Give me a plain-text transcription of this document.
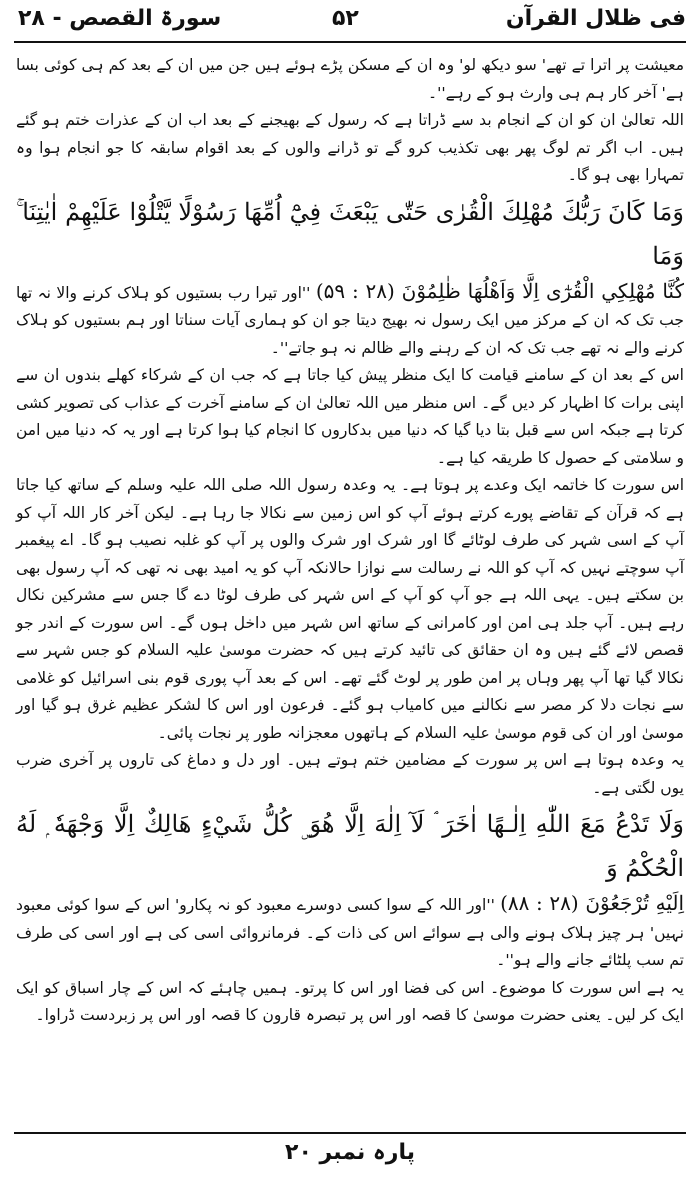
فی ظلال القرآن
۵۲
سورۃ القصص - ۲۸

معیشت پر اترا تے تھے' سو دیکھ لو' وہ ان کے مسکن پڑے ہوئے ہیں جن میں ان کے بعد کم ہی کوئی بسا ہے' آخر کار ہم ہی وارث ہو کے رہے''۔

اللہ تعالیٰ ان کو ان کے انجام بد سے ڈراتا ہے کہ رسول کے بھیجنے کے بعد اب ان کے عذرات ختم ہو گئے ہیں۔ اب اگر تم لوگ پھر بھی تکذیب کرو گے تو ڈرانے والوں کے بعد اقوام سابقہ کا جو انجام ہوا وہ تمہارا بھی ہو گا۔

وَمَا كَانَ رَبُّكَ مُهْلِكَ الْقُرٰى حَتّٰى يَبْعَثَ فِيْٓ اُمِّهَا رَسُوْلًا يَّتْلُوْا عَلَيْهِمْ اٰيٰتِنَا ۚ وَمَا

كُنَّا مُهْلِكِي الْقُرٰٓى اِلَّا وَاَهْلُهَا ظٰلِمُوْنَ (۲۸ : ۵۹) ''اور تیرا رب بستیوں کو ہلاک کرنے والا نہ تھا جب تک کہ ان کے مرکز میں ایک رسول نہ بھیج دیتا جو ان کو ہماری آیات سناتا اور ہم بستیوں کو ہلاک کرنے والے نہ تھے جب تک کہ ان کے رہنے والے ظالم نہ ہو جاتے''۔

اس کے بعد ان کے سامنے قیامت کا ایک منظر پیش کیا جاتا ہے کہ جب ان کے شرکاء کھلے بندوں ان سے اپنی برات کا اظہار کر دیں گے۔ اس منظر میں اللہ تعالیٰ ان کے سامنے آخرت کے عذاب کی تصویر کشی کرتا ہے جبکہ اس سے قبل بتا دیا گیا کہ دنیا میں بدکاروں کا انجام کیا ہوا کرتا ہے اور یہ کہ دنیا میں امن و سلامتی کے حصول کا طریقہ کیا ہے۔

اس سورت کا خاتمہ ایک وعدے پر ہوتا ہے۔ یہ وعدہ رسول اللہ صلی اللہ علیہ وسلم کے ساتھ کیا جاتا ہے کہ قرآن کے تقاضے پورے کرتے ہوئے آپ کو اس زمین سے نکالا جا رہا ہے۔ لیکن آخر کار اللہ آپ کو آپ کے اسی شہر کی طرف لوٹائے گا اور شرک اور شرک والوں پر آپ کو غلبہ نصیب ہو گا۔ اے پیغمبر آپ سوچتے نہیں کہ آپ کو اللہ نے رسالت سے نوازا حالانکہ آپ کو یہ امید بھی نہ تھی کہ آپ رسول بھی بن سکتے ہیں۔ یہی اللہ ہے جو آپ کو آپ کے اس شہر کی طرف لوٹا دے گا جس سے مشرکین نکال رہے ہیں۔ آپ جلد ہی امن اور کامرانی کے ساتھ اس شہر میں داخل ہوں گے۔ اس سورت کے اندر جو قصص لائے گئے ہیں وہ ان حقائق کی تائید کرتے ہیں کہ حضرت موسیٰ علیہ السلام کو جس شہر سے نکالا گیا تھا آپ پھر وہاں پر امن طور پر لوٹ گئے تھے۔ اس کے بعد آپ پوری قوم بنی اسرائیل کو غلامی سے نجات دلا کر مصر سے نکالنے میں کامیاب ہو گئے۔ فرعون اور اس کا لشکر عظیم غرق ہو گیا اور موسیٰ اور ان کی قوم موسیٰ علیہ السلام کے ہاتھوں معجزانہ طور پر نجات پائی۔

یہ وعدہ ہوتا ہے اس پر سورت کے مضامین ختم ہوتے ہیں۔ اور دل و دماغ کی تاروں پر آخری ضرب یوں لگتی ہے۔

وَلَا تَدْعُ مَعَ اللّٰهِ اِلٰـهًا اٰخَرَ ۘ لَآ اِلٰهَ اِلَّا هُوَ ۣ كُلُّ شَيْءٍ هَالِكٌ اِلَّا وَجْهَهٗ ۭ لَهُ الْحُكْمُ وَ

اِلَيْهِ تُرْجَعُوْنَ (۲۸ : ۸۸) ''اور اللہ کے سوا کسی دوسرے معبود کو نہ پکارو' اس کے سوا کوئی معبود نہیں' ہر چیز ہلاک ہونے والی ہے سوائے اس کی ذات کے۔ فرمانروائی اسی کی ہے اور اسی کی طرف تم سب پلٹائے جانے والے ہو''۔

یہ ہے اس سورت کا موضوع۔ اس کی فضا اور اس کا پرتو۔ ہمیں چاہئے کہ اس کے چار اسباق کو ایک ایک کر لیں۔ یعنی حضرت موسیٰ کا قصہ اور اس پر تبصرہ قارون کا قصہ اور اس پر زبردست ڈراوا۔

پارہ نمبر ۲۰
